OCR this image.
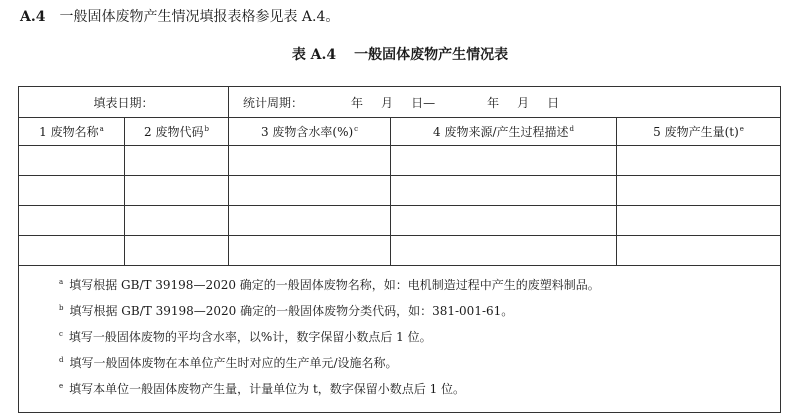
A.4 一般固体废物产生情况填报表格参见表 A.4。
表 A.4 一般固体废物产生情况表
填表日期：		统计周期： 年 月 日— 年 月 日		
1 废物名称$^a$	2 废物代码$^b$	3 废物含水率(%)$^c$	4 废物来源/产生过程描述$^d$	5 废物产生量$(t)^e$

$^a$ 填写根据 GB/T 39198—2020 确定的一般固体废物名称，如：电机制造过程中产生的废塑料制品。
$^b$ 填写根据 GB/T 39198—2020 确定的一般固体废物分类代码，如：381-001-61。
$^c$ 填写一般固体废物的平均含水率，以%计，数字保留小数点后 1 位。
$^d$ 填写一般固体废物在本单位产生时对应的生产单元/设施名称。
$^e$ 填写本单位一般固体废物产生量，计量单位为 t，数字保留小数点后 1 位。				
